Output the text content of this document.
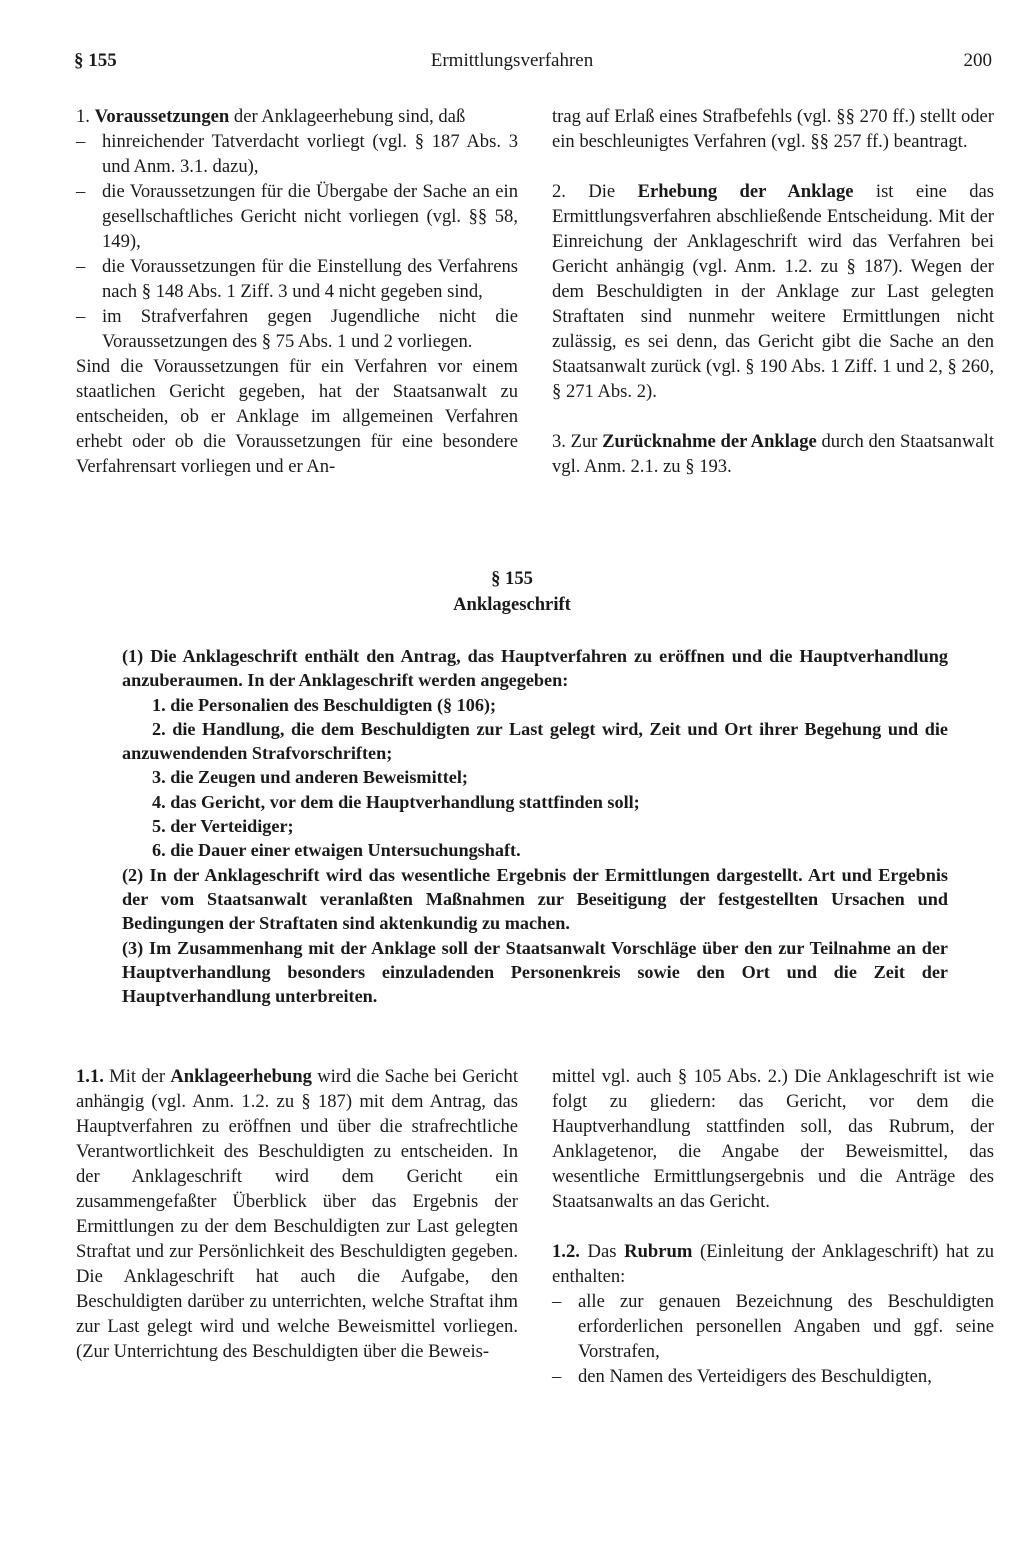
§ 155	Ermittlungsverfahren	200

1. Voraussetzungen der Anklageerhebung sind, daß

– hinreichender Tatverdacht vorliegt (vgl. § 187 Abs. 3 und Anm. 3.1. dazu),
– die Voraussetzungen für die Übergabe der Sache an ein gesellschaftliches Gericht nicht vorliegen (vgl. §§ 58, 149),
– die Voraussetzungen für die Einstellung des Verfahrens nach § 148 Abs. 1 Ziff. 3 und 4 nicht gegeben sind,
– im Strafverfahren gegen Jugendliche nicht die Voraussetzungen des § 75 Abs. 1 und 2 vorliegen.

Sind die Voraussetzungen für ein Verfahren vor einem staatlichen Gericht gegeben, hat der Staatsanwalt zu entscheiden, ob er Anklage im allgemeinen Verfahren erhebt oder ob die Voraussetzungen für eine besondere Verfahrensart vorliegen und er An-

trag auf Erlaß eines Strafbefehls (vgl. §§ 270 ff.) stellt oder ein beschleunigtes Verfahren (vgl. §§ 257 ff.) beantragt.

2. Die Erhebung der Anklage ist eine das Ermittlungsverfahren abschließende Entscheidung. Mit der Einreichung der Anklageschrift wird das Verfahren bei Gericht anhängig (vgl. Anm. 1.2. zu § 187). Wegen der dem Beschuldigten in der Anklage zur Last gelegten Straftaten sind nunmehr weitere Ermittlungen nicht zulässig, es sei denn, das Gericht gibt die Sache an den Staatsanwalt zurück (vgl. § 190 Abs. 1 Ziff. 1 und 2, § 260, § 271 Abs. 2).

3. Zur Zurücknahme der Anklage durch den Staatsanwalt vgl. Anm. 2.1. zu § 193.

§ 155
Anklageschrift

(1) Die Anklageschrift enthält den Antrag, das Hauptverfahren zu eröffnen und die Hauptverhandlung anzuberaumen. In der Anklageschrift werden angegeben:

1. die Personalien des Beschuldigten (§ 106);

2. die Handlung, die dem Beschuldigten zur Last gelegt wird, Zeit und Ort ihrer Begehung und die anzuwendenden Strafvorschriften;

3. die Zeugen und anderen Beweismittel;

4. das Gericht, vor dem die Hauptverhandlung stattfinden soll;

5. der Verteidiger;

6. die Dauer einer etwaigen Untersuchungshaft.

(2) In der Anklageschrift wird das wesentliche Ergebnis der Ermittlungen dargestellt. Art und Ergebnis der vom Staatsanwalt veranlaßten Maßnahmen zur Beseitigung der festgestellten Ursachen und Bedingungen der Straftaten sind aktenkundig zu machen.

(3) Im Zusammenhang mit der Anklage soll der Staatsanwalt Vorschläge über den zur Teilnahme an der Hauptverhandlung besonders einzuladenden Personenkreis sowie den Ort und die Zeit der Hauptverhandlung unterbreiten.

1.1. Mit der Anklageerhebung wird die Sache bei Gericht anhängig (vgl. Anm. 1.2. zu § 187) mit dem Antrag, das Hauptverfahren zu eröffnen und über die strafrechtliche Verantwortlichkeit des Beschuldigten zu entscheiden. In der Anklageschrift wird dem Gericht ein zusammengefaßter Überblick über das Ergebnis der Ermittlungen zu der dem Beschuldigten zur Last gelegten Straftat und zur Persönlichkeit des Beschuldigten gegeben. Die Anklageschrift hat auch die Aufgabe, den Beschuldigten darüber zu unterrichten, welche Straftat ihm zur Last gelegt wird und welche Beweismittel vorliegen. (Zur Unterrichtung des Beschuldigten über die Beweis-

mittel vgl. auch § 105 Abs. 2.) Die Anklageschrift ist wie folgt zu gliedern: das Gericht, vor dem die Hauptverhandlung stattfinden soll, das Rubrum, der Anklagetenor, die Angabe der Beweismittel, das wesentliche Ermittlungsergebnis und die Anträge des Staatsanwalts an das Gericht.

1.2. Das Rubrum (Einleitung der Anklageschrift) hat zu enthalten:

– alle zur genauen Bezeichnung des Beschuldigten erforderlichen personellen Angaben und ggf. seine Vorstrafen,
– den Namen des Verteidigers des Beschuldigten,
